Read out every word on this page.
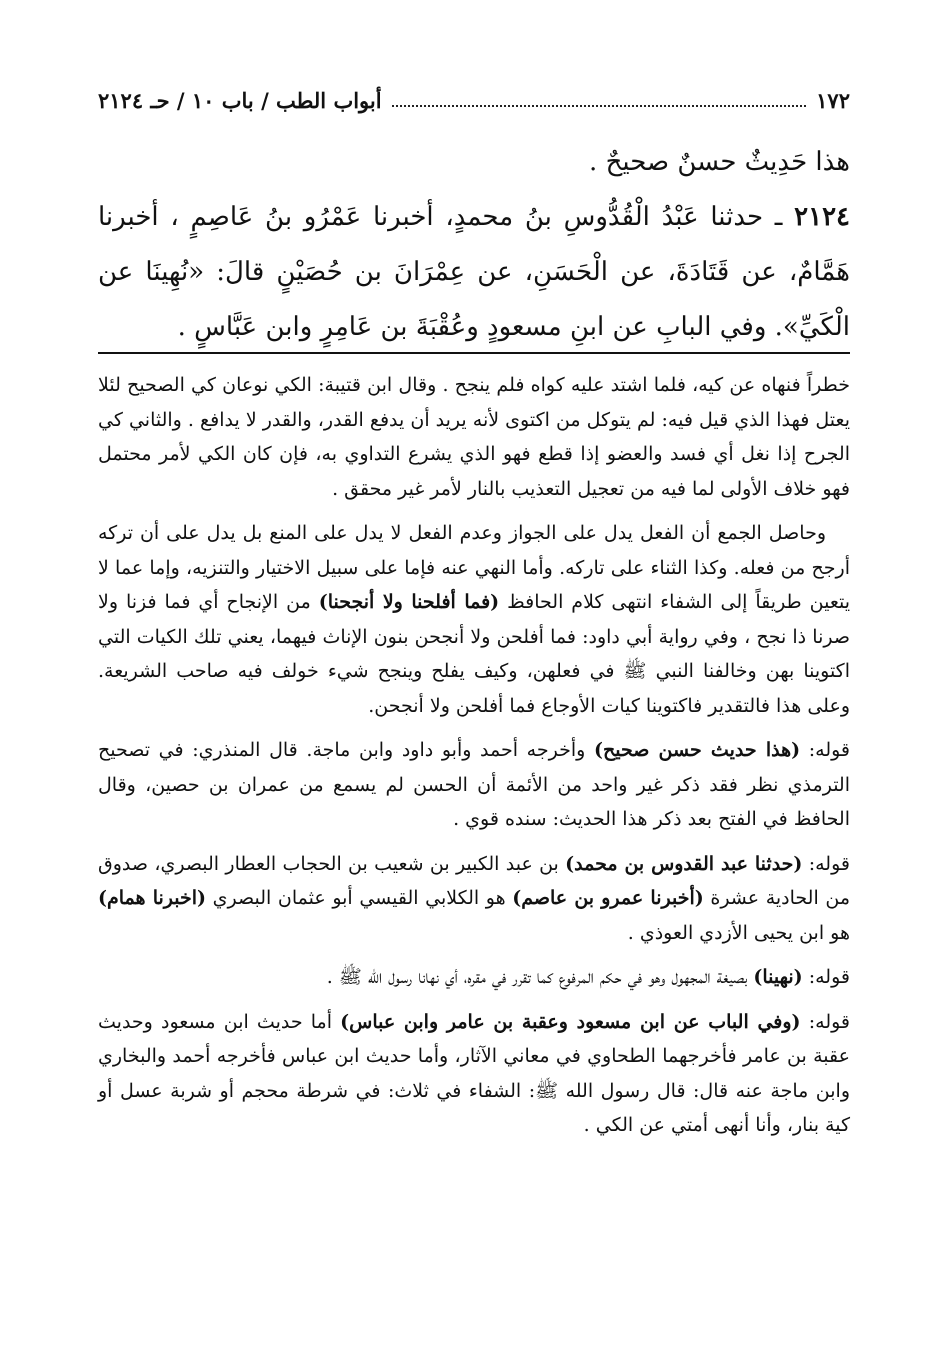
١٧٢
أبواب الطب / باب ١٠ / حـ ٢١٢٤

هذا حَدِيثٌ حسنٌ صحيحٌ .

٢١٢٤ ـ حدثنا عَبْدُ الْقُدُّوسِ بنُ محمدٍ، أخبرنا عَمْرُو بنُ عَاصِمٍ ، أخبرنا هَمَّامٌ، عن قَتَادَةَ، عن الْحَسَنِ، عن عِمْرَانَ بن حُصَيْنٍ قالَ: «نُهِينَا عن الْكَيِّ». وفي البابِ عن ابنِ مسعودٍ وعُقْبَةَ بن عَامِرٍ وابن عَبَّاسٍ .

خطراً فنهاه عن كيه، فلما اشتد عليه كواه فلم ينجح . وقال ابن قتيبة: الكي نوعان كي الصحيح لئلا يعتل فهذا الذي قيل فيه: لم يتوكل من اكتوى لأنه يريد أن يدفع القدر، والقدر لا يدافع . والثاني كي الجرح إذا نغل أي فسد والعضو إذا قطع فهو الذي يشرع التداوي به، فإن كان الكي لأمر محتمل فهو خلاف الأولى لما فيه من تعجيل التعذيب بالنار لأمر غير محقق .

وحاصل الجمع أن الفعل يدل على الجواز وعدم الفعل لا يدل على المنع بل يدل على أن تركه أرجح من فعله. وكذا الثناء على تاركه. وأما النهي عنه فإما على سبيل الاختيار والتنزيه، وإما عما لا يتعين طريقاً إلى الشفاء انتهى كلام الحافظ (فما أفلحنا ولا أنجحنا) من الإنجاح أي فما فزنا ولا صرنا ذا نجح ، وفي رواية أبي داود: فما أفلحن ولا أنجحن بنون الإناث فيهما، يعني تلك الكيات التي اكتوينا بهن وخالفنا النبي ﷺ في فعلهن، وكيف يفلح وينجح شيء خولف فيه صاحب الشريعة. وعلى هذا فالتقدير فاكتوينا كيات الأوجاع فما أفلحن ولا أنجحن.

قوله: (هذا حديث حسن صحيح) وأخرجه أحمد وأبو داود وابن ماجة. قال المنذري: في تصحيح الترمذي نظر فقد ذكر غير واحد من الأئمة أن الحسن لم يسمع من عمران بن حصين، وقال الحافظ في الفتح بعد ذكر هذا الحديث: سنده قوي .

قوله: (حدثنا عبد القدوس بن محمد) بن عبد الكبير بن شعيب بن الحجاب العطار البصري، صدوق من الحادية عشرة (أخبرنا عمرو بن عاصم) هو الكلابي القيسي أبو عثمان البصري (اخبرنا همام) هو ابن يحيى الأزدي العوذي .

قوله: (نهينا) بصيغة المجهول وهو في حكم المرفوع كما تقرر في مقره، أي نهانا رسول الله ﷺ .

قوله: (وفي الباب عن ابن مسعود وعقبة بن عامر وابن عباس) أما حديث ابن مسعود وحديث عقبة بن عامر فأخرجهما الطحاوي في معاني الآثار، وأما حديث ابن عباس فأخرجه أحمد والبخاري وابن ماجة عنه قال: قال رسول الله ﷺ: الشفاء في ثلاث: في شرطة محجم أو شربة عسل أو كية بنار، وأنا أنهى أمتي عن الكي .
